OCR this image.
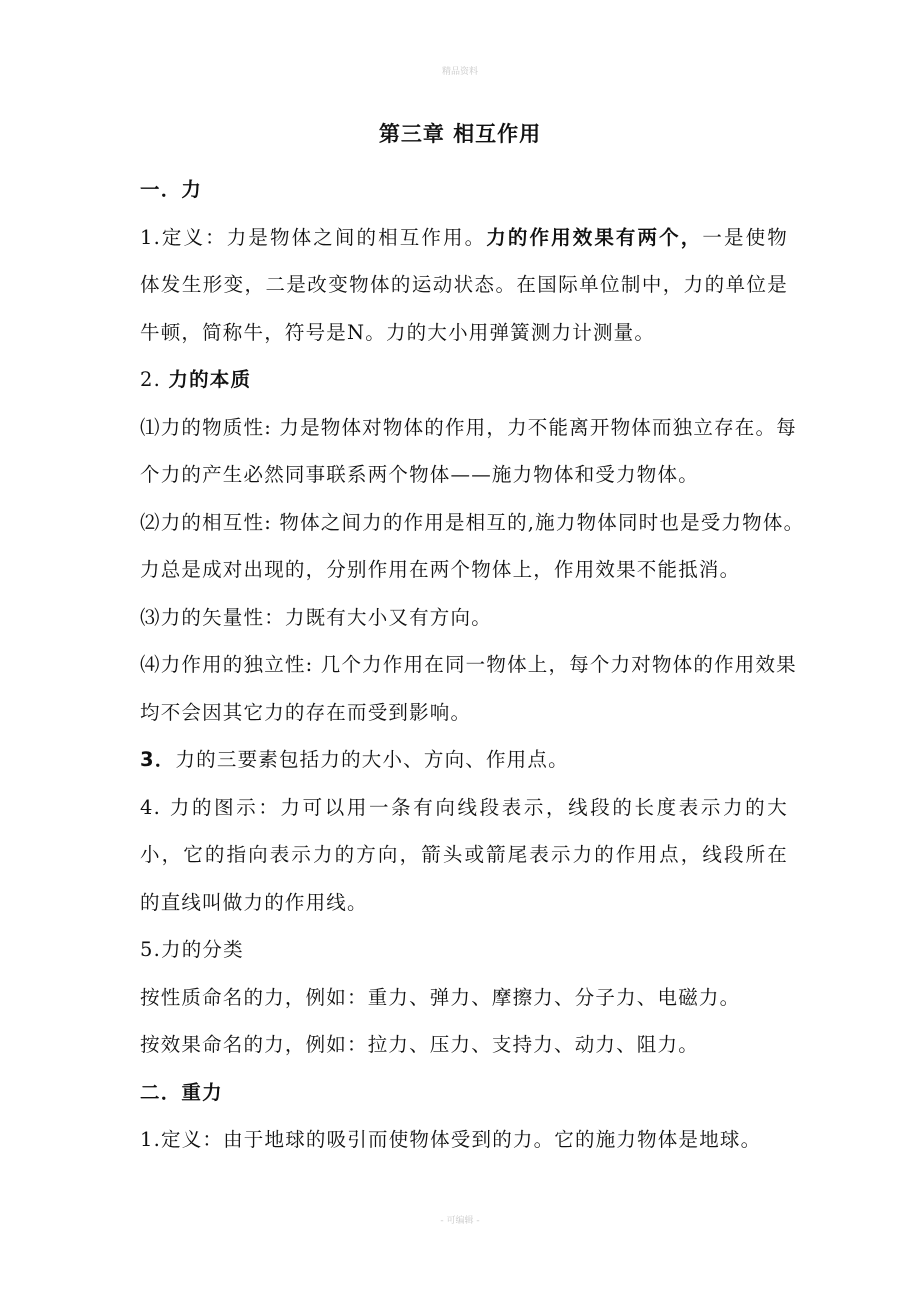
精品资料
第三章 相互作用
一．力
1.定义：力是物体之间的相互作用。力的作用效果有两个，一是使物
体发生形变，二是改变物体的运动状态。在国际单位制中，力的单位是
牛顿，简称牛，符号是N。力的大小用弹簧测力计测量。
2. 力的本质
⑴力的物质性: 力是物体对物体的作用，力不能离开物体而独立存在。每
个力的产生必然同事联系两个物体——施力物体和受力物体。
⑵力的相互性: 物体之间力的作用是相互的,施力物体同时也是受力物体。
力总是成对出现的，分别作用在两个物体上，作用效果不能抵消。
⑶力的矢量性：力既有大小又有方向。
⑷力作用的独立性: 几个力作用在同一物体上，每个力对物体的作用效果
均不会因其它力的存在而受到影响。
3．力的三要素包括力的大小、方向、作用点。
4. 力的图示：力可以用一条有向线段表示，线段的长度表示力的大
小，它的指向表示力的方向，箭头或箭尾表示力的作用点，线段所在
的直线叫做力的作用线。
5.力的分类
按性质命名的力，例如：重力、弹力、摩擦力、分子力、电磁力。
按效果命名的力，例如：拉力、压力、支持力、动力、阻力。
二．重力
1.定义：由于地球的吸引而使物体受到的力。它的施力物体是地球。
- 可编辑 -
